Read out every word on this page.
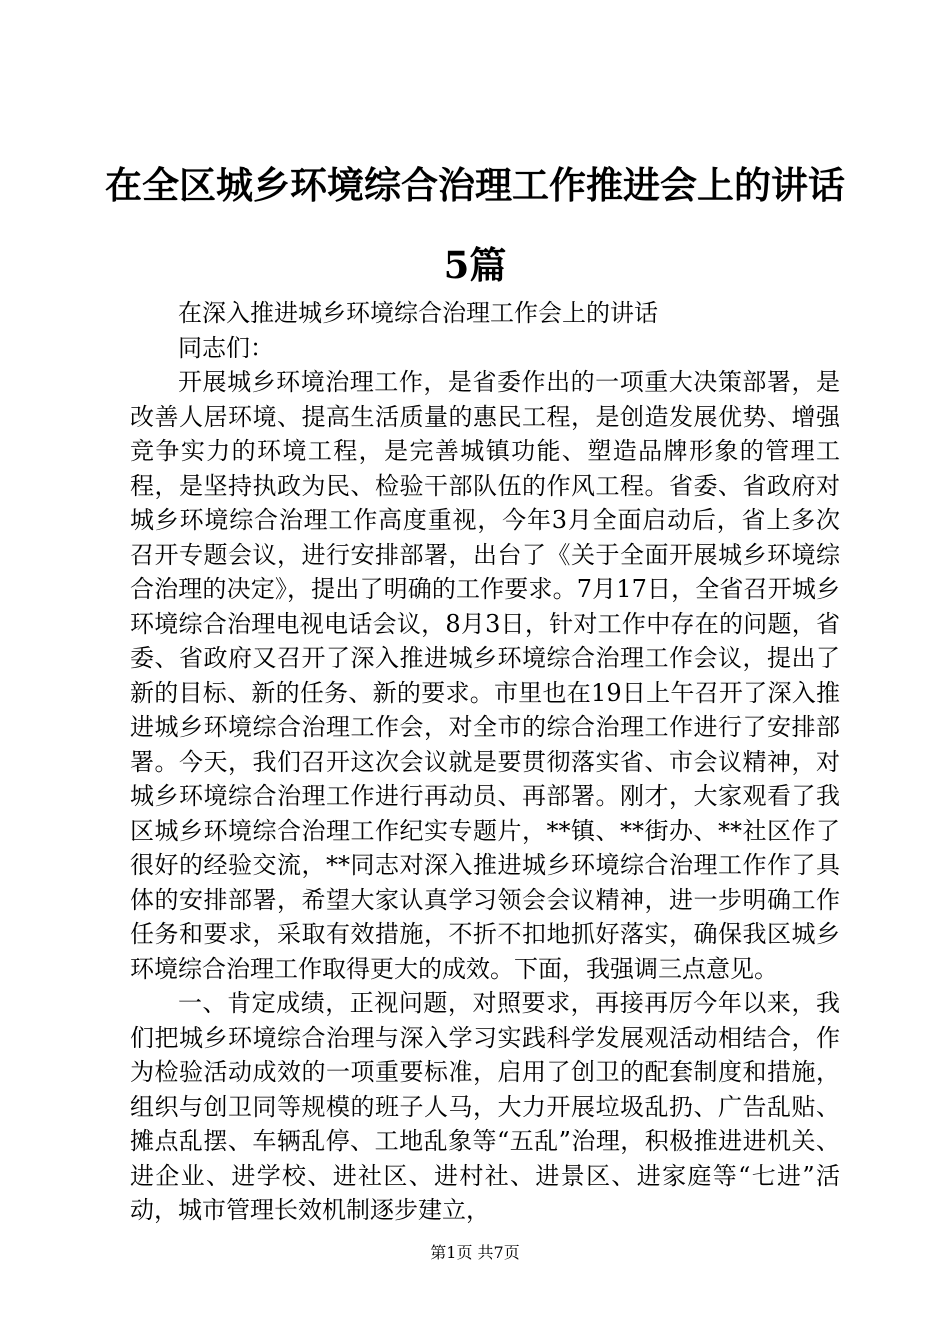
在全区城乡环境综合治理工作推进会上的讲话
5篇

在深入推进城乡环境综合治理工作会上的讲话

同志们：

开展城乡环境治理工作，是省委作出的一项重大决策部署，是改善人居环境、提高生活质量的惠民工程，是创造发展优势、增强竞争实力的环境工程，是完善城镇功能、塑造品牌形象的管理工程，是坚持执政为民、检验干部队伍的作风工程。省委、省政府对城乡环境综合治理工作高度重视，今年3月全面启动后，省上多次召开专题会议，进行安排部署，出台了《关于全面开展城乡环境综合治理的决定》，提出了明确的工作要求。7月17日，全省召开城乡环境综合治理电视电话会议，8月3日，针对工作中存在的问题，省委、省政府又召开了深入推进城乡环境综合治理工作会议，提出了新的目标、新的任务、新的要求。市里也在19日上午召开了深入推进城乡环境综合治理工作会，对全市的综合治理工作进行了安排部署。今天，我们召开这次会议就是要贯彻落实省、市会议精神，对城乡环境综合治理工作进行再动员、再部署。刚才，大家观看了我区城乡环境综合治理工作纪实专题片，**镇、**街办、**社区作了很好的经验交流，**同志对深入推进城乡环境综合治理工作作了具体的安排部署，希望大家认真学习领会会议精神，进一步明确工作任务和要求，采取有效措施，不折不扣地抓好落实，确保我区城乡环境综合治理工作取得更大的成效。下面，我强调三点意见。

一、肯定成绩，正视问题，对照要求，再接再厉今年以来，我们把城乡环境综合治理与深入学习实践科学发展观活动相结合，作为检验活动成效的一项重要标准，启用了创卫的配套制度和措施，组织与创卫同等规模的班子人马，大力开展垃圾乱扔、广告乱贴、摊点乱摆、车辆乱停、工地乱象等“五乱”治理，积极推进进机关、进企业、进学校、进社区、进村社、进景区、进家庭等“七进”活动，城市管理长效机制逐步建立，

第1页 共7页
